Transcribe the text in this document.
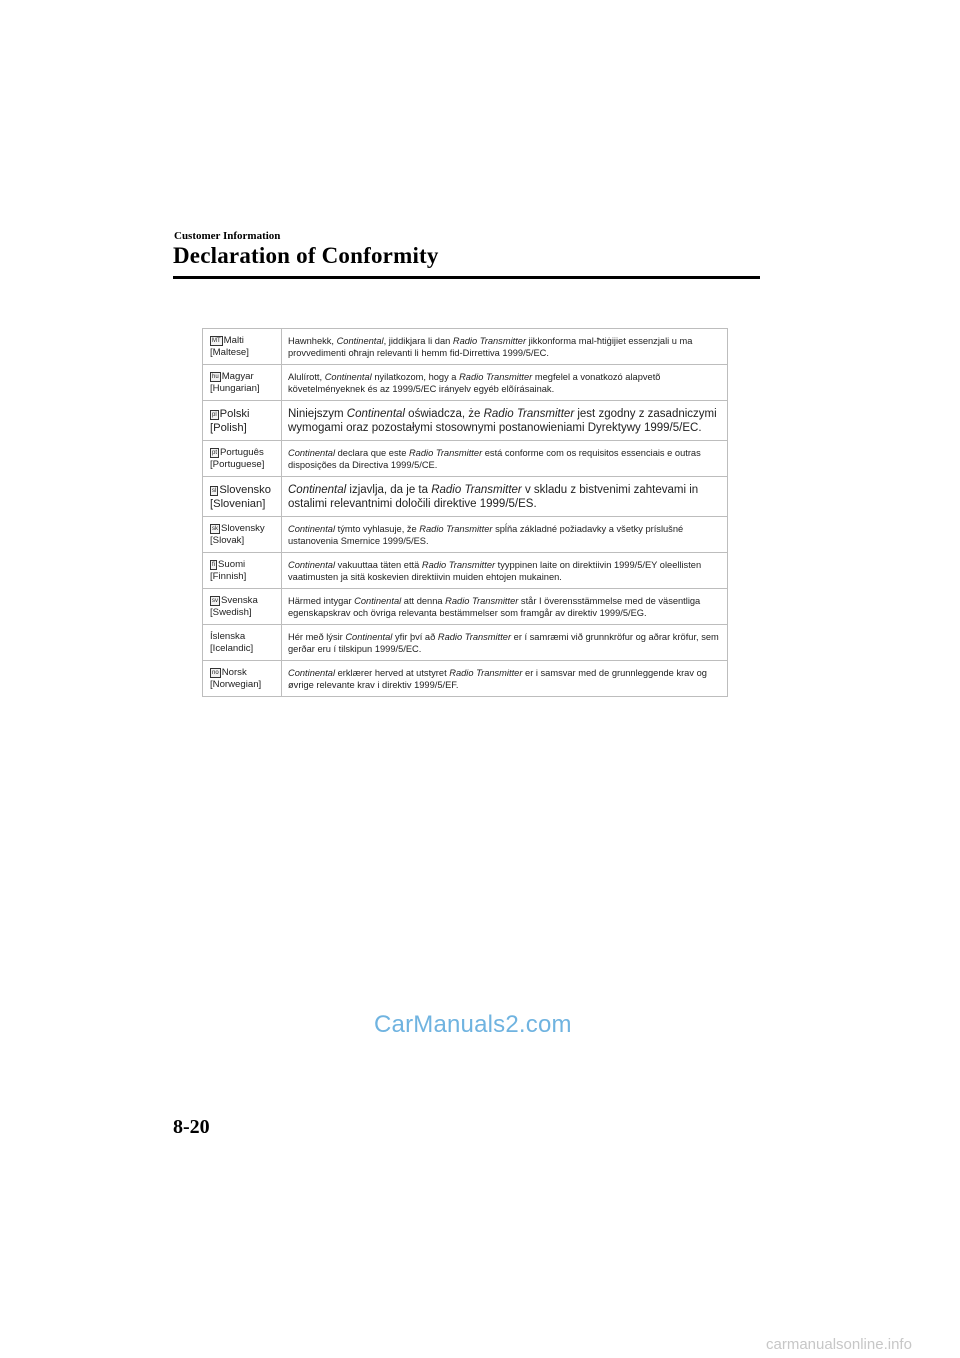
Customer Information
Declaration of Conformity
MT Malti
[Maltese]
Hawnhekk, Continental, jiddikjara li dan Radio Transmitter jikkonforma mal-ħtiġijiet essenzjali u ma provvedimenti oħrajn relevanti li hemm fid-Dirrettiva 1999/5/EC.
hu Magyar
[Hungarian]
Alulírott, Continental nyilatkozom, hogy a Radio Transmitter megfelel a vonatkozó alapvetõ követelményeknek és az 1999/5/EC irányelv egyéb elõírásainak.
pl Polski
[Polish]
Niniejszym Continental oświadcza, że Radio Transmitter jest zgodny z zasadniczymi wymogami oraz pozostałymi stosownymi postanowieniami Dyrektywy 1999/5/EC.
pt Português
[Portuguese]
Continental declara que este Radio Transmitter está conforme com os requisitos essenciais e outras disposições da Directiva 1999/5/CE.
sl Slovensko
[Slovenian]
Continental izjavlja, da je ta Radio Transmitter v skladu z bistvenimi zahtevami in ostalimi relevantnimi določili direktive 1999/5/ES.
sk Slovensky
[Slovak]
Continental týmto vyhlasuje, že Radio Transmitter spĺňa základné požiadavky a všetky príslušné ustanovenia Smernice 1999/5/ES.
fi Suomi
[Finnish]
Continental vakuuttaa täten että Radio Transmitter tyyppinen laite on direktiivin 1999/5/EY oleellisten vaatimusten ja sitä koskevien direktiivin muiden ehtojen mukainen.
sv Svenska
[Swedish]
Härmed intygar Continental att denna Radio Transmitter står I överensstämmelse med de väsentliga egenskapskrav och övriga relevanta bestämmelser som framgår av direktiv 1999/5/EG.
Íslenska
[Icelandic]
Hér með lýsir Continental yfir því að Radio Transmitter er í samræmi við grunnkröfur og aðrar kröfur, sem gerðar eru í tilskipun 1999/5/EC.
no Norsk
[Norwegian]
Continental erklærer herved at utstyret Radio Transmitter er i samsvar med de grunnleggende krav og øvrige relevante krav i direktiv 1999/5/EF.
CarManuals2.com
8-20
carmanualsonline.info
